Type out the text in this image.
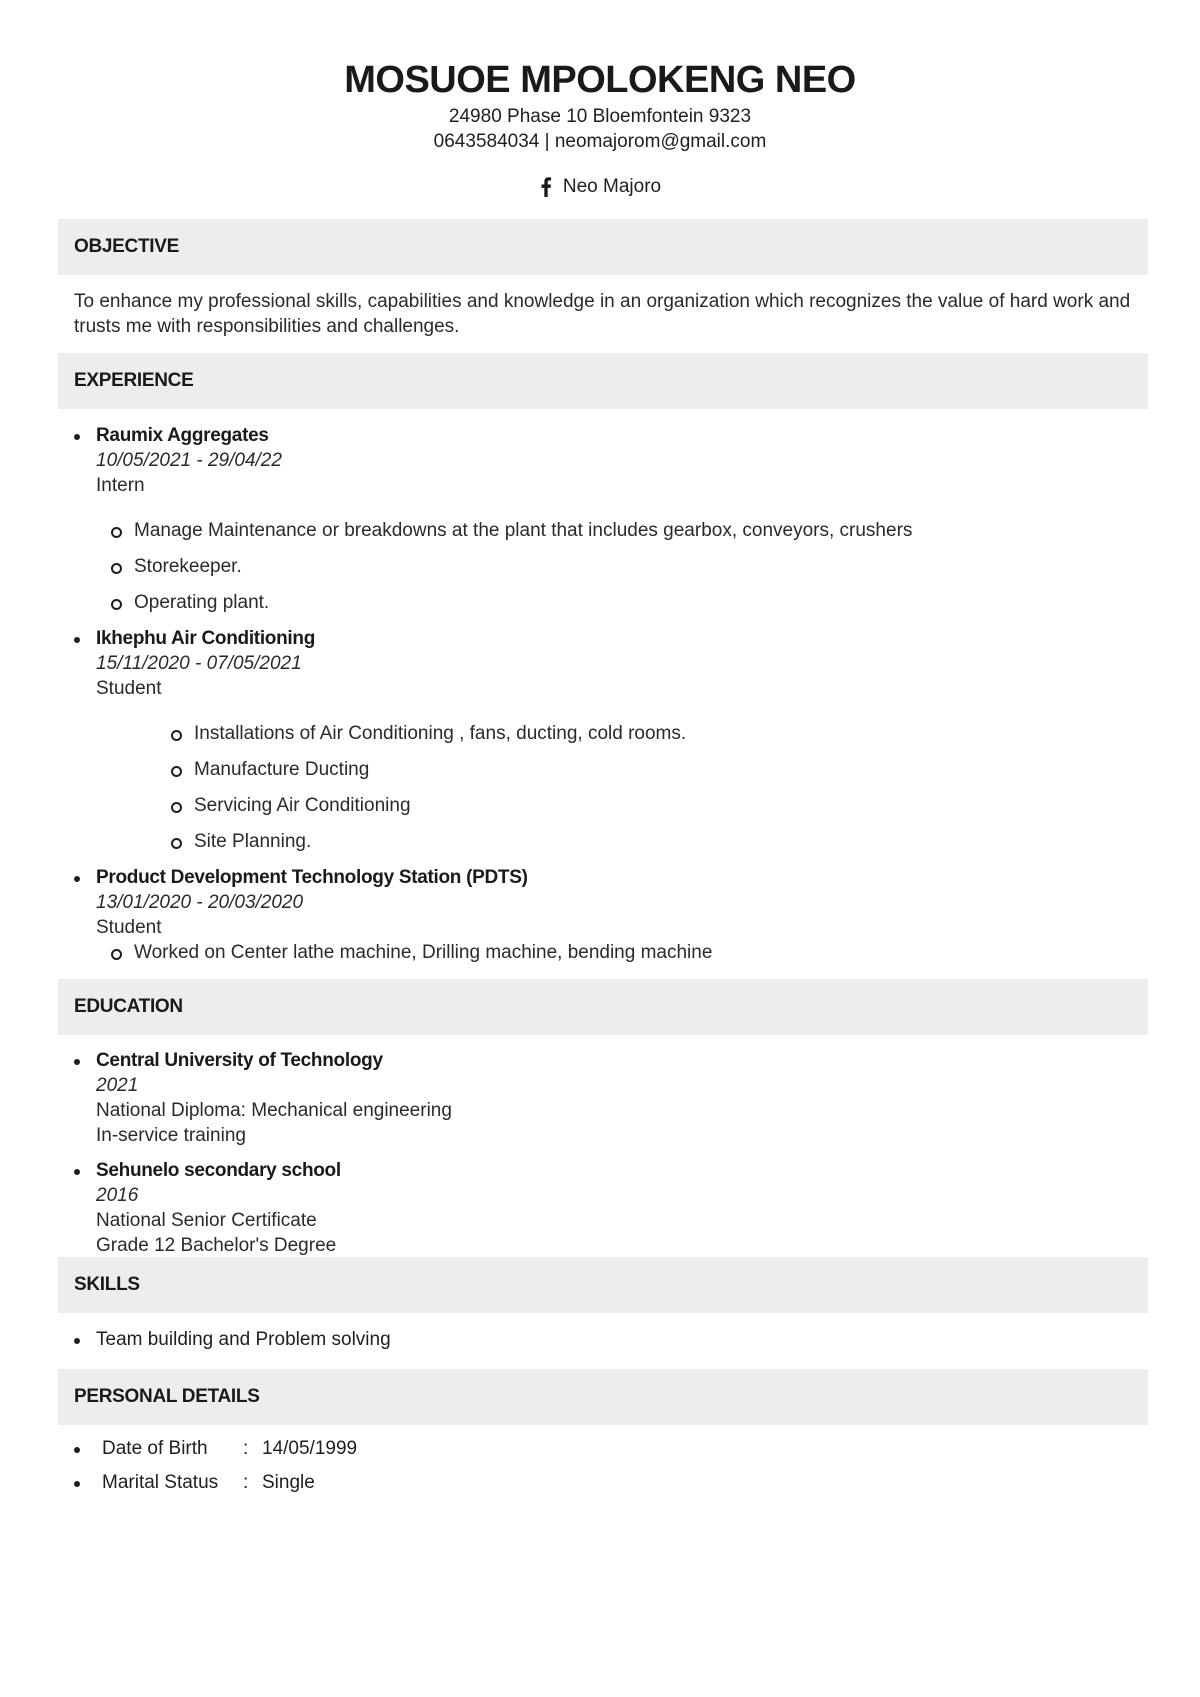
MOSUOE MPOLOKENG NEO
24980 Phase 10 Bloemfontein 9323
0643584034 | neomajorom@gmail.com
Neo Majoro
OBJECTIVE
To enhance my professional skills, capabilities and knowledge in an organization which recognizes the value of hard work and trusts me with responsibilities and challenges.
EXPERIENCE
Raumix Aggregates
10/05/2021 - 29/04/22
Intern
Manage Maintenance or breakdowns at the plant that includes gearbox, conveyors, crushers
Storekeeper.
Operating plant.
Ikhephu Air Conditioning
15/11/2020 - 07/05/2021
Student
Installations of Air Conditioning , fans, ducting, cold rooms.
Manufacture Ducting
Servicing Air Conditioning
Site Planning.
Product Development Technology Station (PDTS)
13/01/2020 - 20/03/2020
Student
Worked on Center lathe machine, Drilling machine, bending machine
EDUCATION
Central University of Technology
2021
National Diploma: Mechanical engineering
In-service training
Sehunelo secondary school
2016
National Senior Certificate
Grade 12 Bachelor's Degree
SKILLS
Team building and Problem solving
PERSONAL DETAILS
Date of Birth	: 14/05/1999
Marital Status	: Single
